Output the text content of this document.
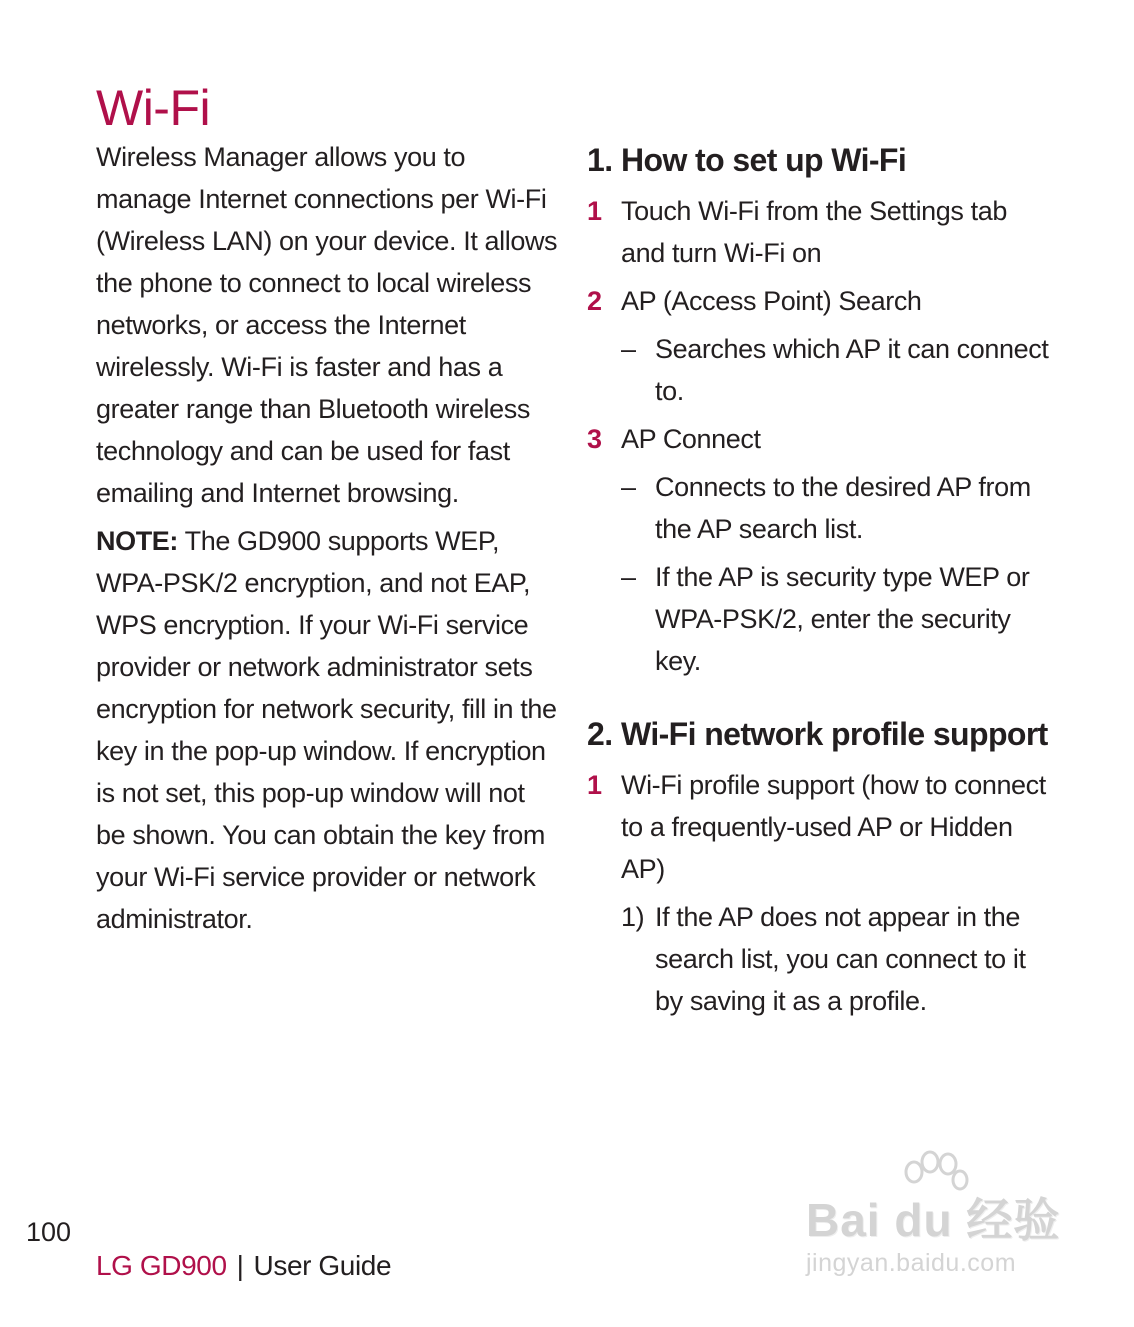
Wi-Fi

Wireless Manager allows you to manage Internet connections per Wi-Fi (Wireless LAN) on your device. It allows the phone to connect to local wireless networks, or access the Internet wirelessly. Wi-Fi is faster and has a greater range than Bluetooth wireless technology and can be used for fast emailing and Internet browsing.

NOTE: The GD900 supports WEP, WPA-PSK/2 encryption, and not EAP, WPS encryption. If your Wi-Fi service provider or network administrator sets encryption for network security, fill in the key in the pop-up window. If encryption is not set, this pop-up window will not be shown. You can obtain the key from your Wi-Fi service provider or network administrator.

1. How to set up Wi-Fi
1 Touch Wi-Fi from the Settings tab and turn Wi-Fi on
2 AP (Access Point) Search
– Searches which AP it can connect to.
3 AP Connect
– Connects to the desired AP from the AP search list.
– If the AP is security type WEP or WPA-PSK/2, enter the security key.
2. Wi-Fi network profile support
1 Wi-Fi profile support (how to connect to a frequently-used AP or Hidden AP)
1) If the AP does not appear in the search list, you can connect to it by saving it as a profile.
100
LG GD900 | User Guide
Bai du 经验
jingyan.baidu.com
